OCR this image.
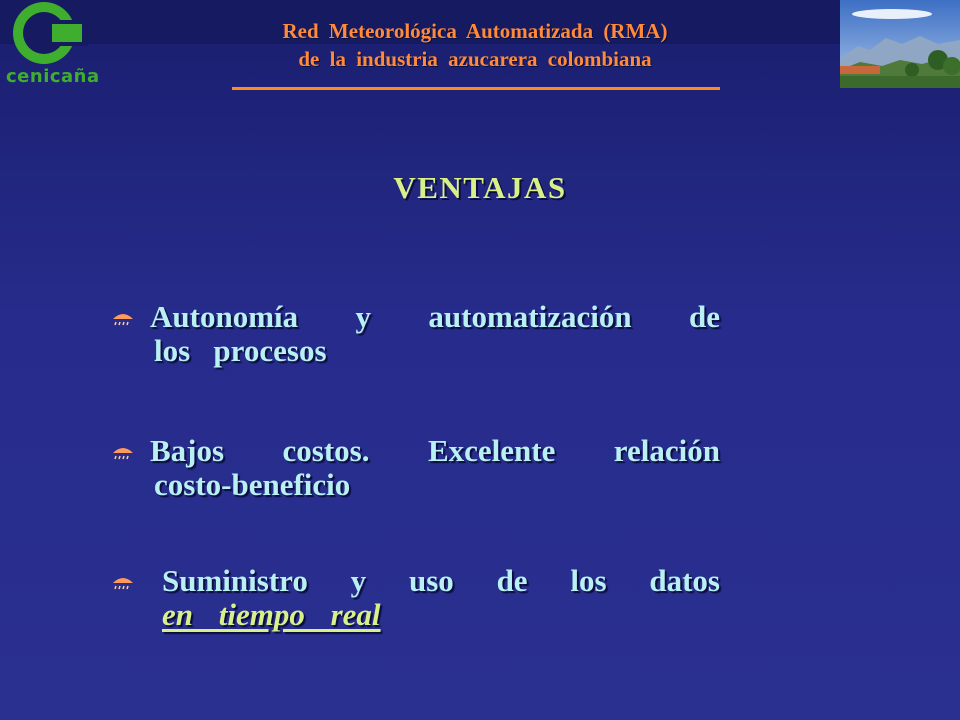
cenicaña
Red Meteorológica Automatizada (RMA)
de la industria azucarera colombiana
VENTAJAS
Autonomía y automatización de
los   procesos
Bajos costos. Excelente relación
costo-beneficio
Suministro y uso de los datos
en tiempo real
